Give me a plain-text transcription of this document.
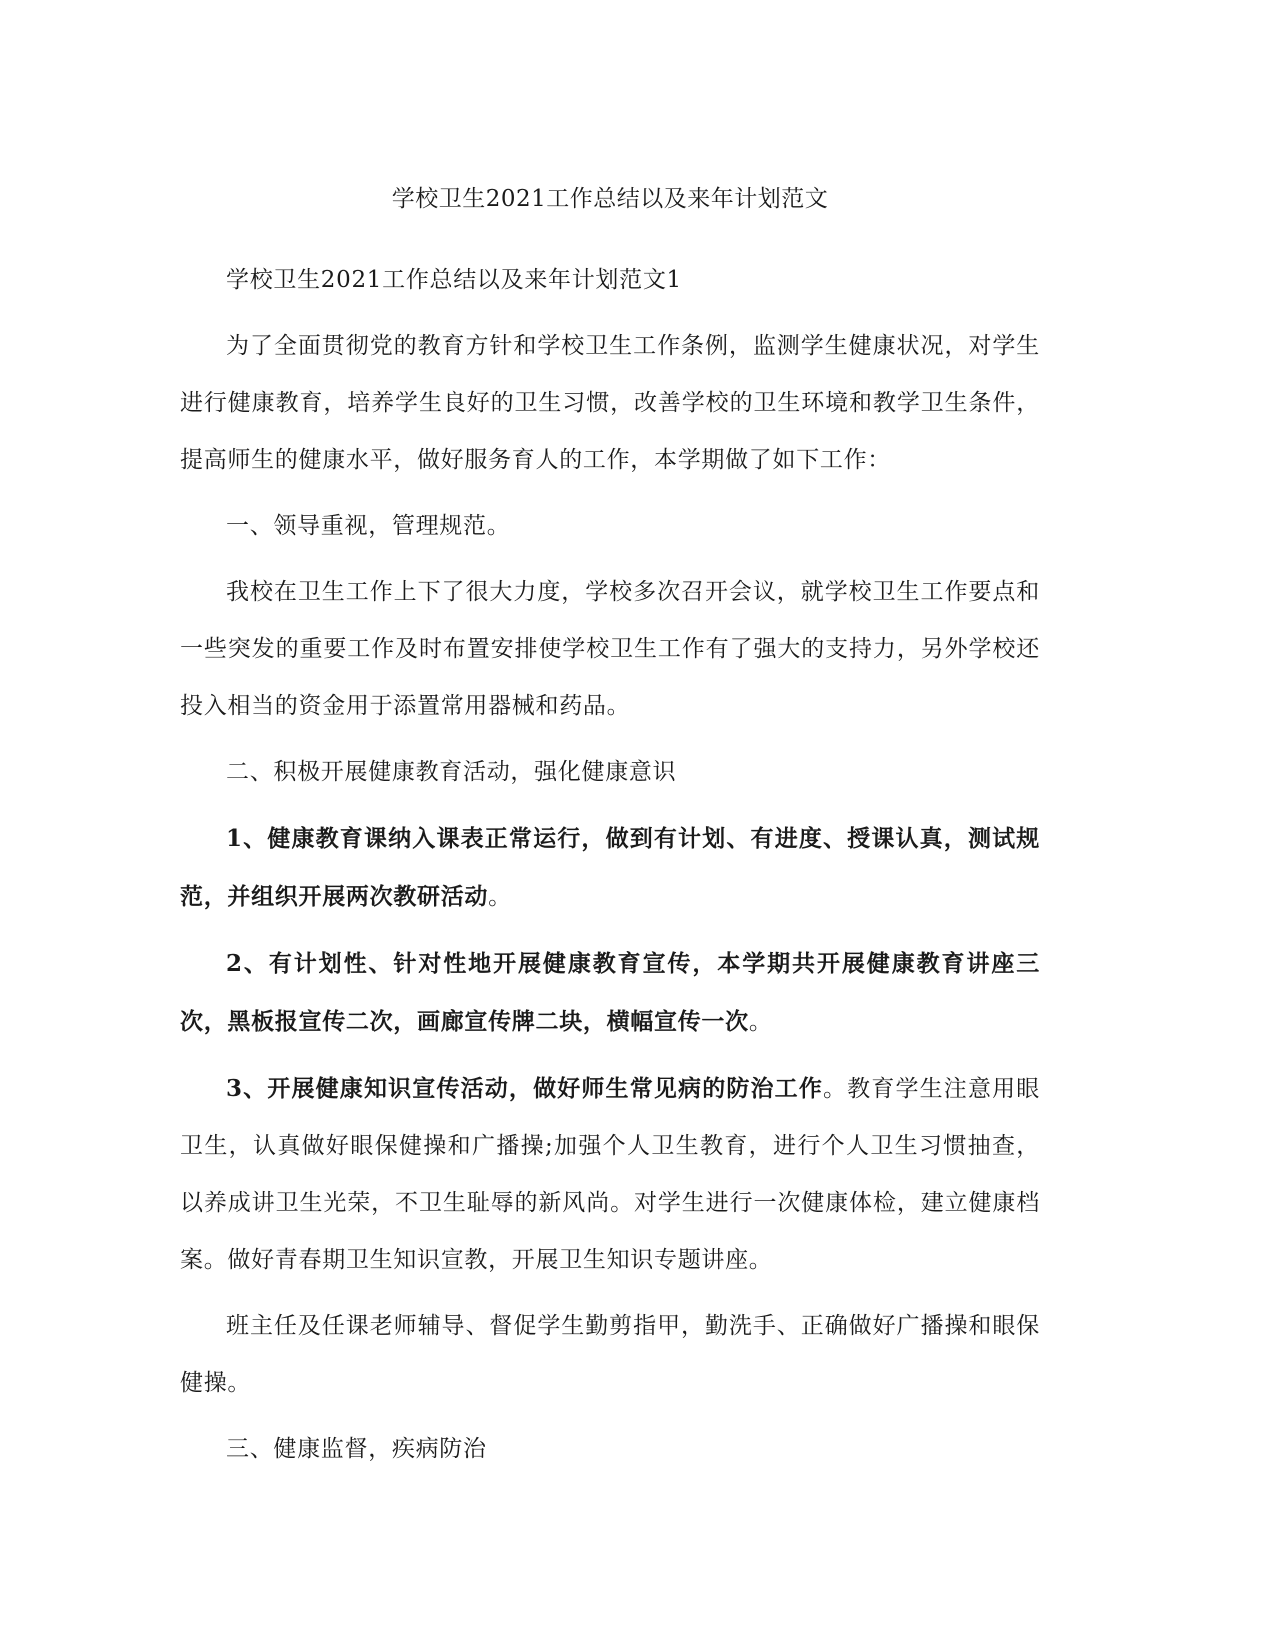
学校卫生2021工作总结以及来年计划范文

学校卫生2021工作总结以及来年计划范文1

为了全面贯彻党的教育方针和学校卫生工作条例，监测学生健康状况，对学生进行健康教育，培养学生良好的卫生习惯，改善学校的卫生环境和教学卫生条件，提高师生的健康水平，做好服务育人的工作，本学期做了如下工作：

一、领导重视，管理规范。

我校在卫生工作上下了很大力度，学校多次召开会议，就学校卫生工作要点和一些突发的重要工作及时布置安排使学校卫生工作有了强大的支持力，另外学校还投入相当的资金用于添置常用器械和药品。

二、积极开展健康教育活动，强化健康意识

1、健康教育课纳入课表正常运行，做到有计划、有进度、授课认真，测试规范，并组织开展两次教研活动。

2、有计划性、针对性地开展健康教育宣传，本学期共开展健康教育讲座三次，黑板报宣传二次，画廊宣传牌二块，横幅宣传一次。

3、开展健康知识宣传活动，做好师生常见病的防治工作。教育学生注意用眼卫生，认真做好眼保健操和广播操;加强个人卫生教育，进行个人卫生习惯抽查，以养成讲卫生光荣，不卫生耻辱的新风尚。对学生进行一次健康体检，建立健康档案。做好青春期卫生知识宣教，开展卫生知识专题讲座。

班主任及任课老师辅导、督促学生勤剪指甲，勤洗手、正确做好广播操和眼保健操。

三、健康监督，疾病防治
